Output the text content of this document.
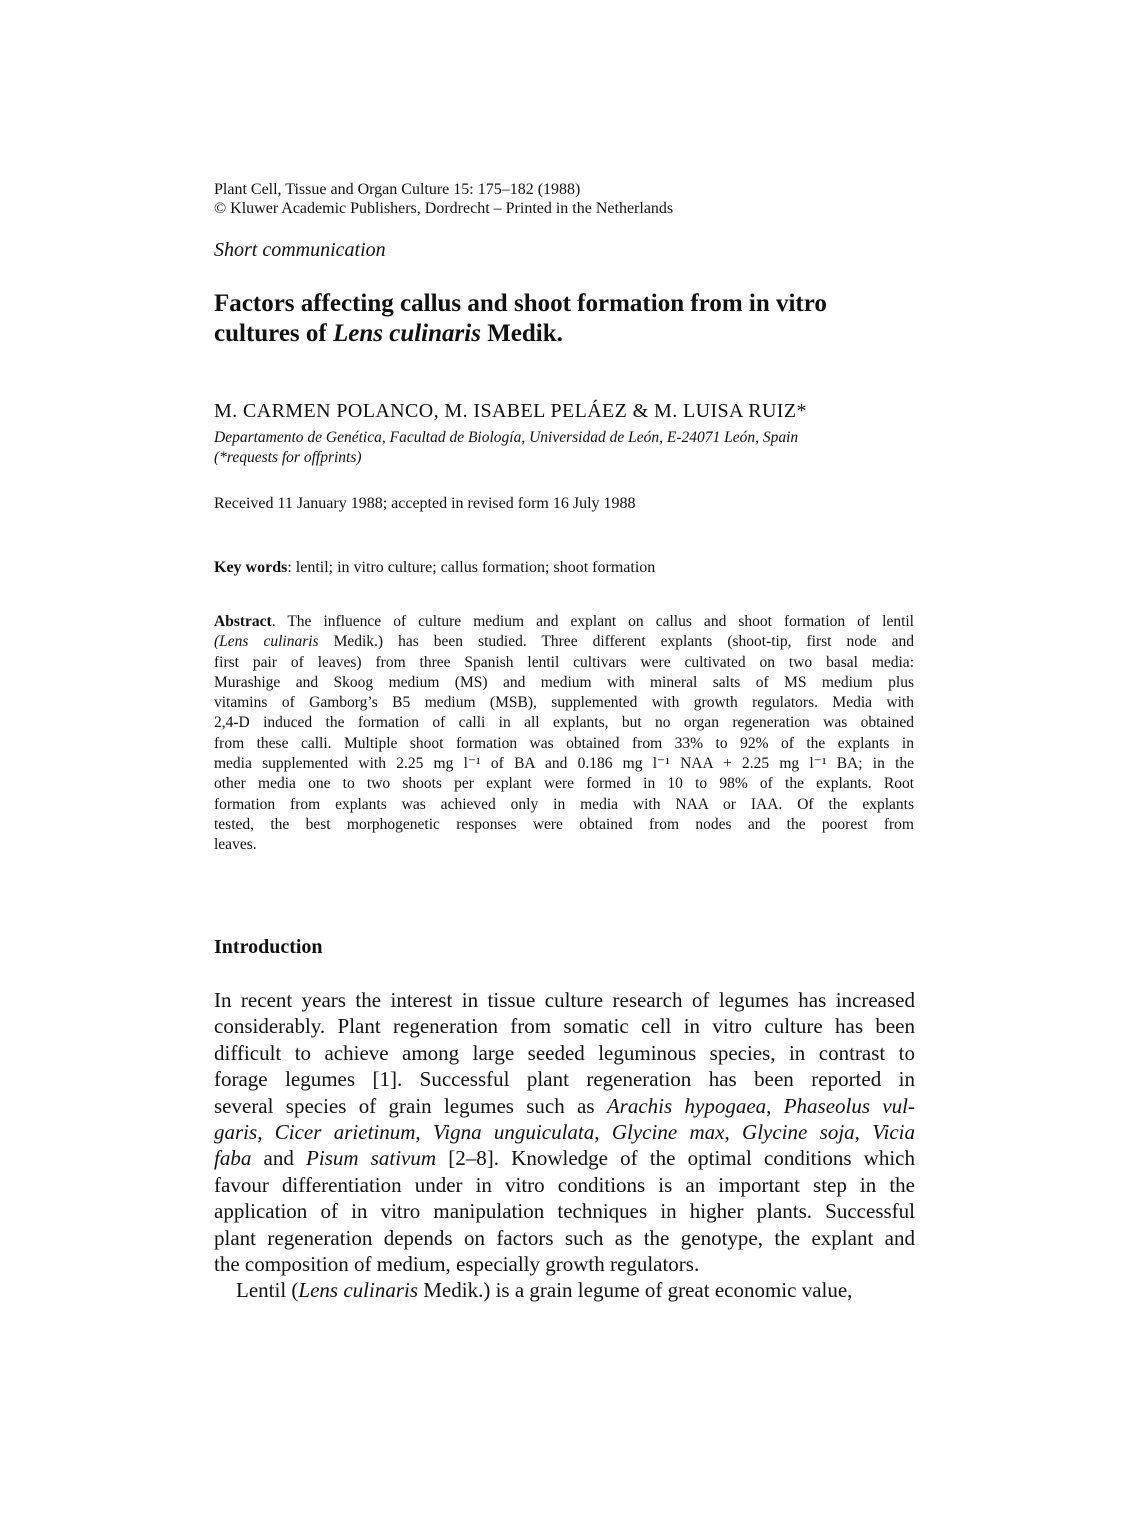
Plant Cell, Tissue and Organ Culture 15: 175–182 (1988)
© Kluwer Academic Publishers, Dordrecht – Printed in the Netherlands
Short communication
Factors affecting callus and shoot formation from in vitro
cultures of Lens culinaris Medik.
M. CARMEN POLANCO, M. ISABEL PELÁEZ & M. LUISA RUIZ*
Departamento de Genética, Facultad de Biología, Universidad de León, E-24071 León, Spain
(*requests for offprints)
Received 11 January 1988; accepted in revised form 16 July 1988
Key words: lentil; in vitro culture; callus formation; shoot formation
Abstract. The influence of culture medium and explant on callus and shoot formation of lentil
(Lens culinaris Medik.) has been studied. Three different explants (shoot-tip, first node and
first pair of leaves) from three Spanish lentil cultivars were cultivated on two basal media:
Murashige and Skoog medium (MS) and medium with mineral salts of MS medium plus
vitamins of Gamborg’s B5 medium (MSB), supplemented with growth regulators. Media with
2,4-D induced the formation of calli in all explants, but no organ regeneration was obtained
from these calli. Multiple shoot formation was obtained from 33% to 92% of the explants in
media supplemented with 2.25 mg l⁻¹ of BA and 0.186 mg l⁻¹ NAA + 2.25 mg l⁻¹ BA; in the
other media one to two shoots per explant were formed in 10 to 98% of the explants. Root
formation from explants was achieved only in media with NAA or IAA. Of the explants
tested, the best morphogenetic responses were obtained from nodes and the poorest from
leaves.
Introduction
In recent years the interest in tissue culture research of legumes has increased
considerably. Plant regeneration from somatic cell in vitro culture has been
difficult to achieve among large seeded leguminous species, in contrast to
forage legumes [1]. Successful plant regeneration has been reported in
several species of grain legumes such as Arachis hypogaea, Phaseolus vul-
garis, Cicer arietinum, Vigna unguiculata, Glycine max, Glycine soja, Vicia
faba and Pisum sativum [2–8]. Knowledge of the optimal conditions which
favour differentiation under in vitro conditions is an important step in the
application of in vitro manipulation techniques in higher plants. Successful
plant regeneration depends on factors such as the genotype, the explant and
the composition of medium, especially growth regulators.
Lentil (Lens culinaris Medik.) is a grain legume of great economic value,
